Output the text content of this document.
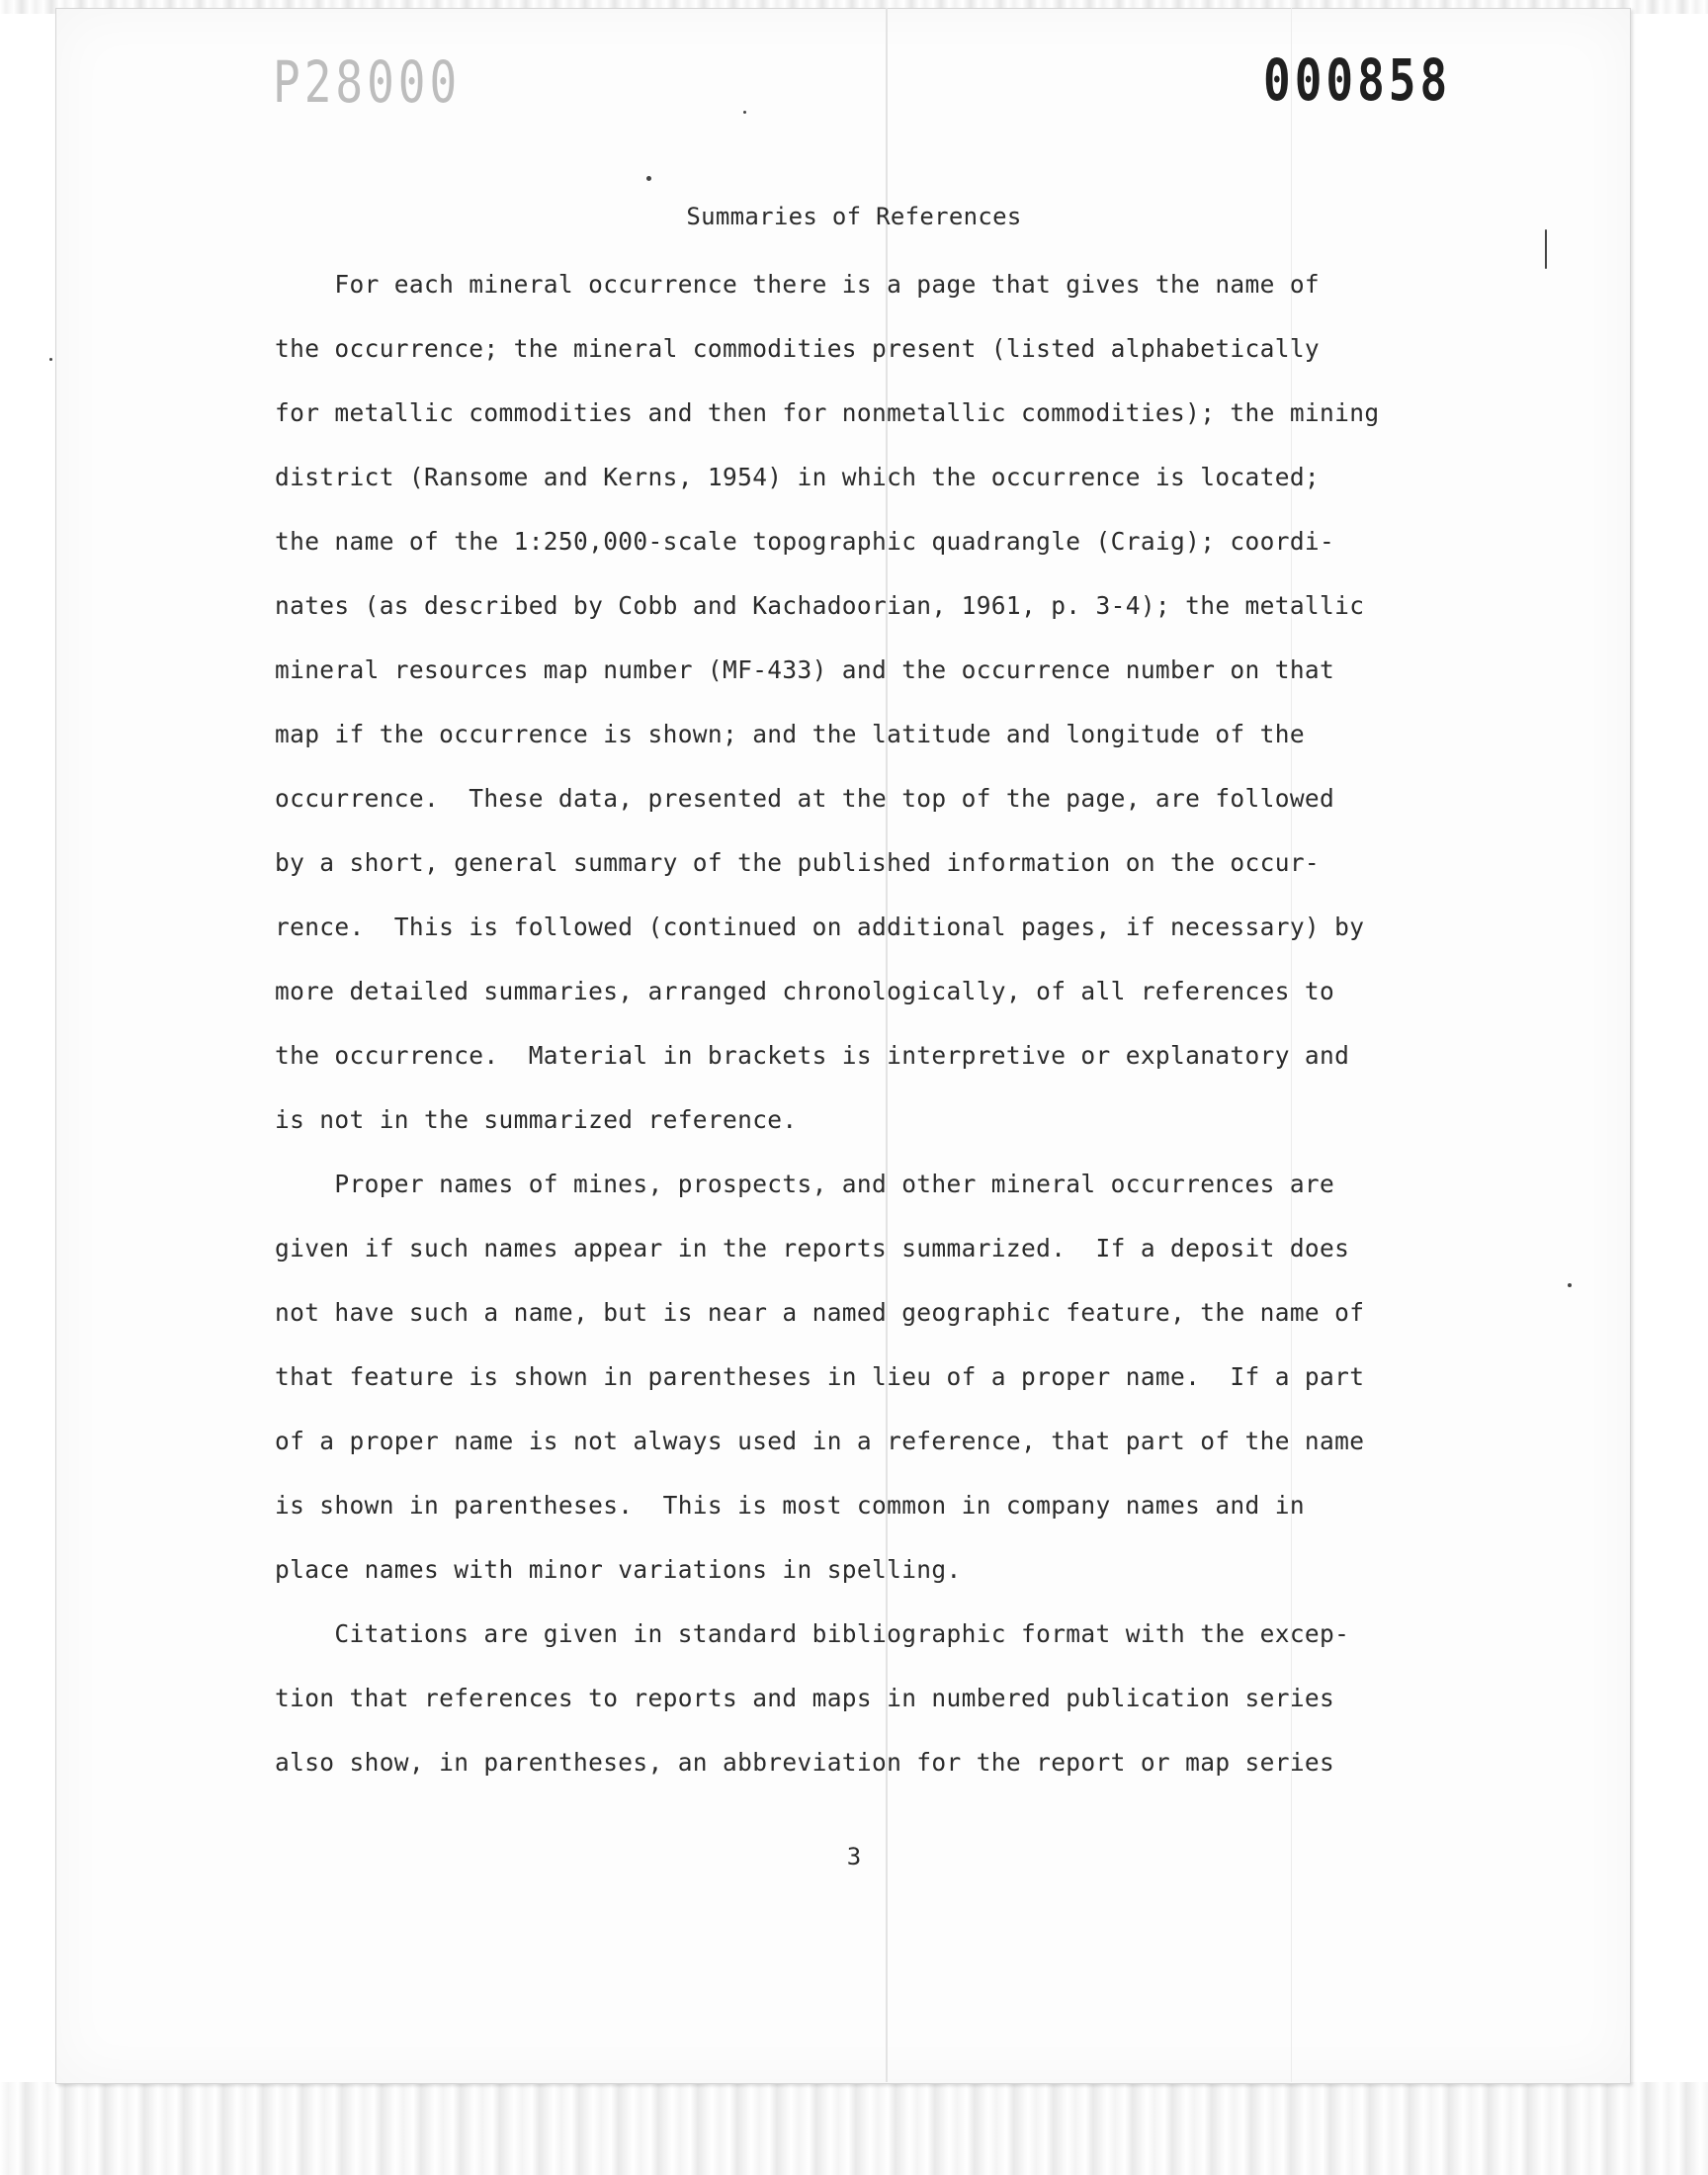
P28000	000858
Summaries of References
For each mineral occurrence there is a page that gives the name of
the occurrence; the mineral commodities present (listed alphabetically
for metallic commodities and then for nonmetallic commodities); the mining
district (Ransome and Kerns, 1954) in which the occurrence is located;
the name of the 1:250,000-scale topographic quadrangle (Craig); coordi-
nates (as described by Cobb and Kachadoorian, 1961, p. 3-4); the metallic
mineral resources map number (MF-433) and the occurrence number on that
map if the occurrence is shown; and the latitude and longitude of the
occurrence.  These data, presented at the top of the page, are followed
by a short, general summary of the published information on the occur-
rence.  This is followed (continued on additional pages, if necessary) by
more detailed summaries, arranged chronologically, of all references to
the occurrence.  Material in brackets is interpretive or explanatory and
is not in the summarized reference.
Proper names of mines, prospects, and other mineral occurrences are
given if such names appear in the reports summarized.  If a deposit does
not have such a name, but is near a named geographic feature, the name of
that feature is shown in parentheses in lieu of a proper name.  If a part
of a proper name is not always used in a reference, that part of the name
is shown in parentheses.  This is most common in company names and in
place names with minor variations in spelling.
Citations are given in standard bibliographic format with the excep-
tion that references to reports and maps in numbered publication series
also show, in parentheses, an abbreviation for the report or map series
3
